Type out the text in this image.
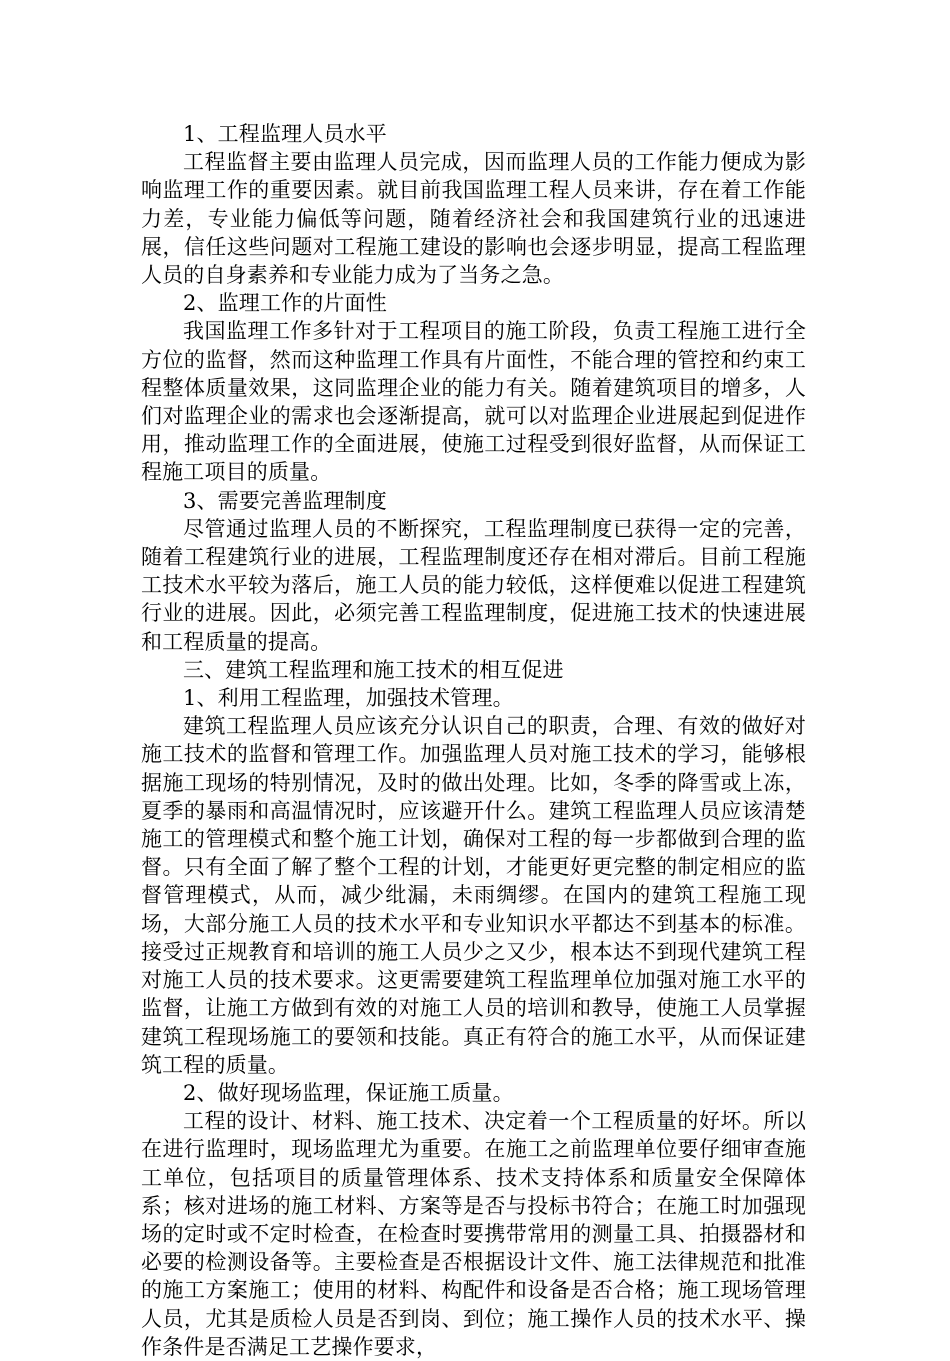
1、工程监理人员水平

工程监督主要由监理人员完成，因而监理人员的工作能力便成为影响监理工作的重要因素。就目前我国监理工程人员来讲，存在着工作能力差，专业能力偏低等问题，随着经济社会和我国建筑行业的迅速进展，信任这些问题对工程施工建设的影响也会逐步明显，提高工程监理人员的自身素养和专业能力成为了当务之急。

2、监理工作的片面性

我国监理工作多针对于工程项目的施工阶段，负责工程施工进行全方位的监督，然而这种监理工作具有片面性，不能合理的管控和约束工程整体质量效果，这同监理企业的能力有关。随着建筑项目的增多，人们对监理企业的需求也会逐渐提高，就可以对监理企业进展起到促进作用，推动监理工作的全面进展，使施工过程受到很好监督，从而保证工程施工项目的质量。

3、需要完善监理制度

尽管通过监理人员的不断探究，工程监理制度已获得一定的完善，随着工程建筑行业的进展，工程监理制度还存在相对滞后。目前工程施工技术水平较为落后，施工人员的能力较低，这样便难以促进工程建筑行业的进展。因此，必须完善工程监理制度，促进施工技术的快速进展和工程质量的提高。

三、建筑工程监理和施工技术的相互促进

1、利用工程监理，加强技术管理。

建筑工程监理人员应该充分认识自己的职责，合理、有效的做好对施工技术的监督和管理工作。加强监理人员对施工技术的学习，能够根据施工现场的特别情况，及时的做出处理。比如，冬季的降雪或上冻，夏季的暴雨和高温情况时，应该避开什么。建筑工程监理人员应该清楚施工的管理模式和整个施工计划，确保对工程的每一步都做到合理的监督。只有全面了解了整个工程的计划，才能更好更完整的制定相应的监督管理模式，从而，减少纰漏，未雨绸缪。在国内的建筑工程施工现场，大部分施工人员的技术水平和专业知识水平都达不到基本的标准。接受过正规教育和培训的施工人员少之又少，根本达不到现代建筑工程对施工人员的技术要求。这更需要建筑工程监理单位加强对施工水平的监督，让施工方做到有效的对施工人员的培训和教导，使施工人员掌握建筑工程现场施工的要领和技能。真正有符合的施工水平，从而保证建筑工程的质量。

2、做好现场监理，保证施工质量。

工程的设计、材料、施工技术、决定着一个工程质量的好坏。所以在进行监理时，现场监理尤为重要。在施工之前监理单位要仔细审查施工单位，包括项目的质量管理体系、技术支持体系和质量安全保障体系；核对进场的施工材料、方案等是否与投标书符合；在施工时加强现场的定时或不定时检查，在检查时要携带常用的测量工具、拍摄器材和必要的检测设备等。主要检查是否根据设计文件、施工法律规范和批准的施工方案施工；使用的材料、构配件和设备是否合格；施工现场管理人员，尤其是质检人员是否到岗、到位；施工操作人员的技术水平、操作条件是否满足工艺操作要求，
